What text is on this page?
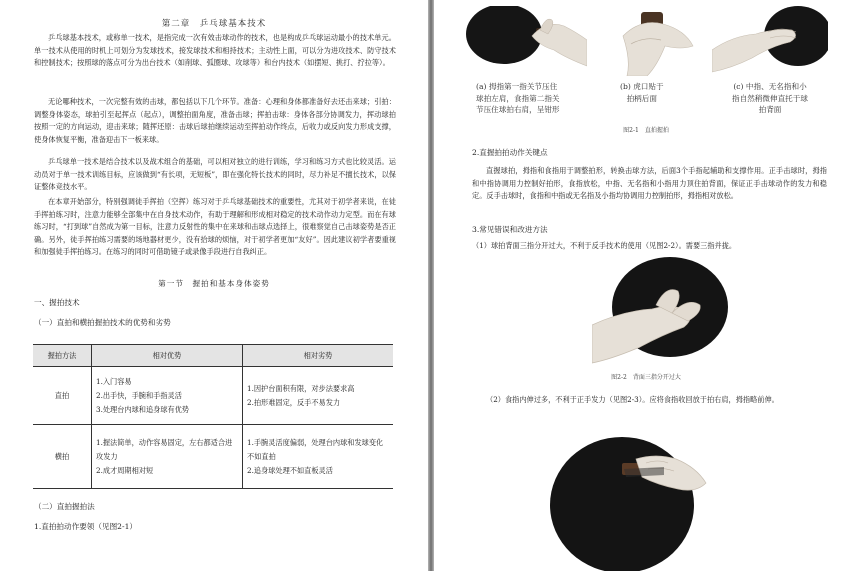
第二章　乒乓球基本技术

乒乓球基本技术，或称单一技术，是指完成一次有效击球动作的技术，也是构成乒乓球运动最小的技术单元。单一技术从使用的时机上可划分为发球技术，接发球技术和相持技术；主动性上面，可以分为进攻技术、防守技术和控制技术；按照球的落点可分为出台技术（如削球、弧圈球、攻球等）和台内技术（如摆短、挑打、拧拉等）。

无论哪种技术，一次完整有效的击球，都包括以下几个环节。准备：心理和身体都准备好去还击来球；引拍：调整身体姿态，球拍引至起挥点（起点），调整拍面角度，准备击球；挥拍击球：身体各部分协调发力，挥动球拍按照一定的方向运动，迎击来球；随挥还原：击球后球拍继续运动至挥拍动作终点，后收力或反向发力形成支撑，使身体恢复平衡，准备迎击下一板来球。

乒乓球单一技术是结合技术以及战术组合的基础，可以相对独立的进行训练，学习和练习方式也比较灵活。运动员对于单一技术训练目标，应该做到“有长项，无短板”，即在强化特长技术的同时，尽力补足不擅长技术，以保证整体竞技水平。

在本章开始部分，特别强调徒手挥拍（空挥）练习对于乒乓球基础技术的重要性，尤其对于初学者来说，在徒手挥拍练习时，注意力能够全部集中在自身技术动作，有助于理解和形成相对稳定的技术动作动力定型。而在有球练习时，“打到球”自然成为第一目标，注意力反射性的集中在来球和击球点选择上，很难察觉自己击球姿势是否正确。另外，徒手挥拍练习需要的场地器材更少，没有拾球的烦恼，对于初学者更加“友好”。因此建议初学者要重视和加强徒手挥拍练习。在练习的同时可借助镜子或录像手段进行自我纠正。

第一节　握拍和基本身体姿势
一、握拍技术
（一）直拍和横拍握拍技术的优势和劣势
握拍方法	相对优势	相对劣势
直拍	1.入门容易
2.出手快，手腕和手指灵活
3.处理台内球和追身球有优势	1.因护台面积有限，对步法要求高
2.拍形难固定，反手不易发力

横拍	1.握法简单，动作容易固定，左右都适合进攻发力
2.成才周期相对短	1.手腕灵活度偏弱，处理台内球和发球变化不如直拍
2.追身球处理不如直板灵活
（二）直拍握拍法
1.直拍拍动作要领（见图2-1）
(a) 拇指第一指关节压住
球拍左肩，食指第二指关
节压住球拍右肩，呈钳形
(b) 虎口贴于
拍柄后面
(c) 中指、无名指和小
指自然稍微伸直托于球
拍背面
图2-1　直拍握拍
2.直握拍拍动作关键点

直握球拍，拇指和食指用于调整拍形，转换击球方法，后面3个手指起辅助和支撑作用。正手击球时，拇指和中指协调用力控制好拍形，食指放松，中指、无名指和小指用力顶住拍背面，保证正手击球动作的发力和稳定。反手击球时，食指和中指或无名指及小指均协调用力控制拍形，拇指相对放松。

3.常见错误和改进方法

（1）球拍背面三指分开过大，不利于反手技术的使用（见图2-2）。需要三指并拢。

图2-2　背面三指分开过大

（2）食指内伸过多，不利于正手发力（见图2-3）。应将食指收回放于拍右肩，拇指略前伸。
